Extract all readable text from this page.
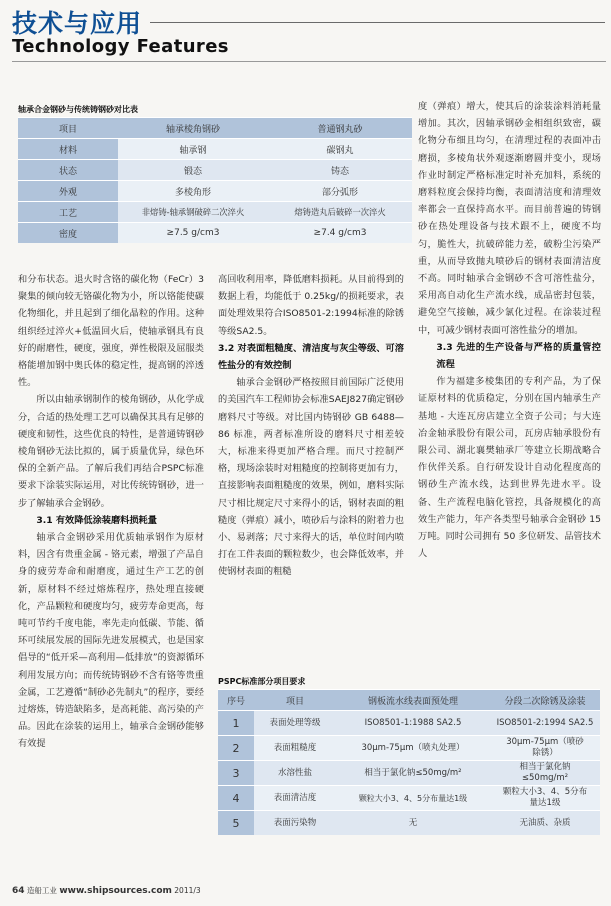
技术与应用
Technology Features
轴承合金钢砂与传统铸钢砂对比表
项目	轴承棱角钢砂	普通钢丸砂
材料	轴承钢	碳钢丸
状态	锻态	铸态
外观	多棱角形	部分弧形
工艺	非熔铸-轴承钢破碎二次淬火	熔铸造丸后破碎一次淬火
密度	≥7.5 g/cm3	≥7.4 g/cm3

和分布状态。退火时含铬的碳化物（FeCr）3聚集的倾向较无铬碳化物为小，所以铬能使碳化物细化，并且起到了细化晶粒的作用。这种组织经过淬火+低温回火后，使轴承钢具有良好的耐磨性，硬度，强度，弹性极限及屈服类格能增加钢中奥氏体的稳定性，提高钢的淬透性。

所以由轴承钢制作的棱角钢砂，从化学成分，合适的热处理工艺可以确保其具有足够的硬度和韧性，这些优良的特性，是普通铸钢砂棱角钢砂无法比拟的，属于质量优异，绿色环保的全新产品。了解后我们再结合PSPC标准要求下涂装实际运用，对比传统铸钢砂，进一步了解轴承合金钢砂。

3.1 有效降低涂装磨料损耗量

轴承合金钢砂采用优质轴承钢作为原材料，因含有贵重金属 - 铬元素，增强了产品自身的疲劳寿命和耐磨度，通过生产工艺的创新，原材料不经过熔炼程序，热处理直接硬化，产品颗粒和硬度均匀，疲劳寿命更高，每吨可节约千度电能，率先走向低碳、节能、循环可续展发展的国际先进发展模式，也是国家倡导的“低开采—高利用—低排放”的资源循环利用发展方向；而传统铸钢砂不含有铬等贵重金属，工艺遵循“制砂必先制丸”的程序，要经过熔炼，铸造缺陷多，是高耗能、高污染的产品。因此在涂装的运用上，轴承合金钢砂能够有效提

高回收利用率，降低磨料损耗。从目前得到的数据上看，均能低于 0.25kg/的损耗要求，表面处理效果符合ISO8501-2:1994标准的除锈等级SA2.5。

3.2 对表面粗糙度、清洁度与灰尘等级、可溶性盐分的有效控制

轴承合金钢砂严格按照目前国际广泛使用的美国汽车工程师协会标准SAEJ827确定钢砂磨料尺寸等级。对比国内铸钢砂 GB 6488—86 标准，两者标准所设的磨料尺寸相差较大，标准来得更加严格合理。而尺寸控制严格，现场涂装时对粗糙度的控制将更加有力，直接影响表面粗糙度的效果，例如，磨料实际尺寸相比规定尺寸来得小的话，钢材表面的粗糙度（弹痕）减小，喷砂后与涂料的附着力也小、易剥落；尺寸来得大的话，单位时间内喷打在工件表面的颗粒数少，也会降低效率，并使钢材表面的粗糙

度（弹痕）增大，使其后的涂装涂料消耗量增加。其次，因轴承钢砂金相组织致密，碳化物分布细且均匀，在清理过程的表面冲击磨损，多棱角状外观逐渐磨圆并变小，现场作业时制定严格标准定时补充加料，系统的磨料粒度会保持均衡，表面清洁度和清理效率都会一直保持高水平。而目前普遍的铸钢砂在热处理设备与技术跟不上，硬度不均匀，脆性大，抗破碎能力差，破粉尘污染严重，从而导致抛丸喷砂后的钢材表面清洁度不高。同时轴承合金钢砂不含可溶性盐分，采用高自动化生产流水线，成品密封包装，避免空气接触，减少氯化过程。在涂装过程中，可减少钢材表面可溶性盐分的增加。

3.3 先进的生产设备与严格的质量管控流程

作为福建多棱集团的专利产品，为了保证原材料的优质稳定，分别在国内轴承生产基地 - 大连瓦房店建立全资子公司；与大连冶金轴承股份有限公司，瓦房店轴承股份有限公司、湖北襄樊轴承厂等建立长期战略合作伙伴关系。自行研发设计自动化程度高的钢砂生产流水线，达到世界先进水平。设备、生产流程电脑化管控，具备规模化的高效生产能力，年产各类型号轴承合金钢砂 15 万吨。同时公司拥有 50 多位研发、品管技术人

PSPC标准部分项目要求
序号	项目	钢板流水线表面预处理	分段二次除锈及涂装
1	表面处理等级	ISO8501-1:1988 SA2.5	ISO8501-2:1994 SA2.5
2	表面粗糙度	30μm-75μm（喷丸处理）	30μm-75μm（喷砂除锈）
3	水溶性盐	相当于氯化钠≤50mg/m²	相当于氯化钠≤50mg/m²
4	表面清洁度	颗粒大小3、4、5分布量达1级	颗粒大小3、4、5分布量达1级
5	表面污染物	无	无油质、杂质
64 造船工业 www.shipsources.com 2011/3
